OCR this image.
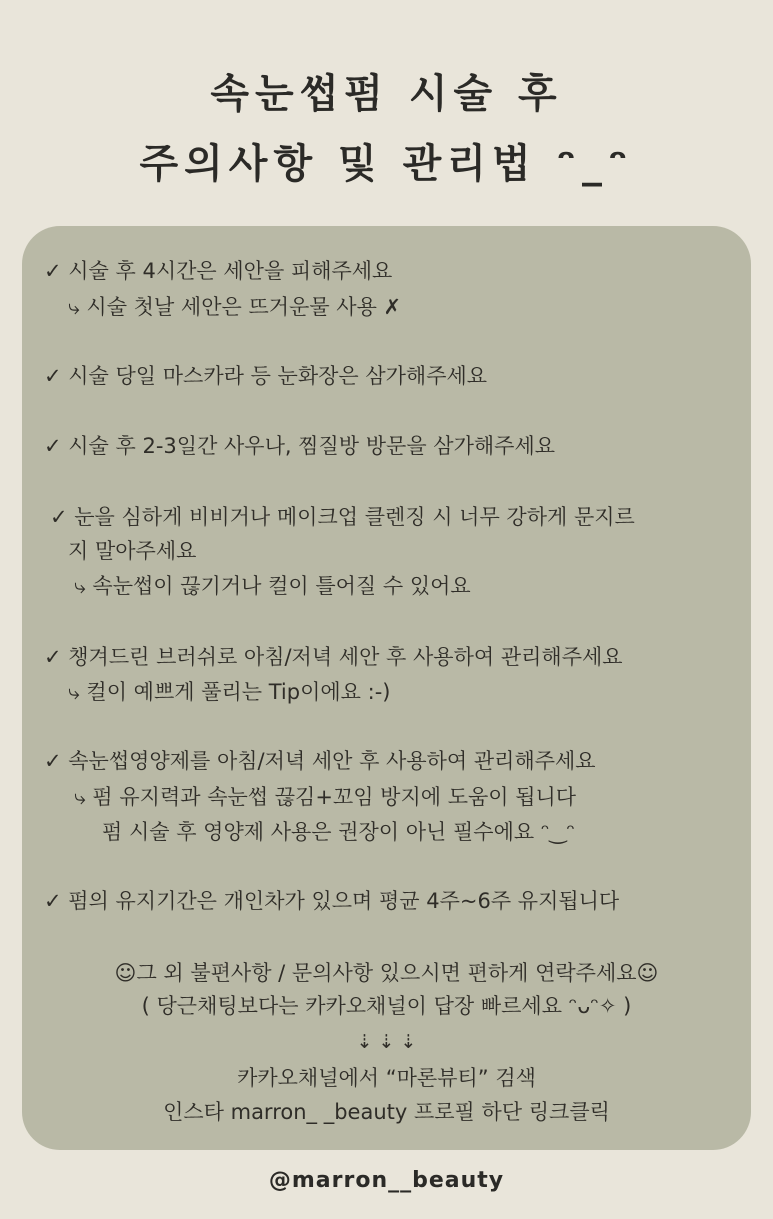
속눈썹펌 시술 후
주의사항 및 관리법 ᵔ_ᵔ
✓ 시술 후 4시간은 세안을 피해주세요
⤷ 시술 첫날 세안은 뜨거운물 사용 ✗
✓ 시술 당일 마스카라 등 눈화장은 삼가해주세요
✓ 시술 후 2-3일간 사우나, 찜질방 방문을 삼가해주세요
✓ 눈을 심하게 비비거나 메이크업 클렌징 시 너무 강하게 문지르
지 말아주세요
⤷ 속눈썹이 끊기거나 컬이 틀어질 수 있어요
✓ 챙겨드린 브러쉬로 아침/저녁 세안 후 사용하여 관리해주세요
⤷ 컬이 예쁘게 풀리는 Tip이에요 :-)
✓ 속눈썹영양제를 아침/저녁 세안 후 사용하여 관리해주세요
⤷ 펌 유지력과 속눈썹 끊김+꼬임 방지에 도움이 됩니다
펌 시술 후 영양제 사용은 권장이 아닌 필수에요 ᵔ‿ᵔ
✓ 펌의 유지기간은 개인차가 있으며 평균 4주~6주 유지됩니다
☺그 외 불편사항 / 문의사항 있으시면 편하게 연락주세요☺
( 당근채팅보다는 카카오채널이 답장 빠르세요 ᵔᴗᵔ✧ )
⇣ ⇣ ⇣
카카오채널에서 “마론뷰티” 검색
인스타 marron_ _beauty 프로필 하단 링크클릭
@marron__beauty
